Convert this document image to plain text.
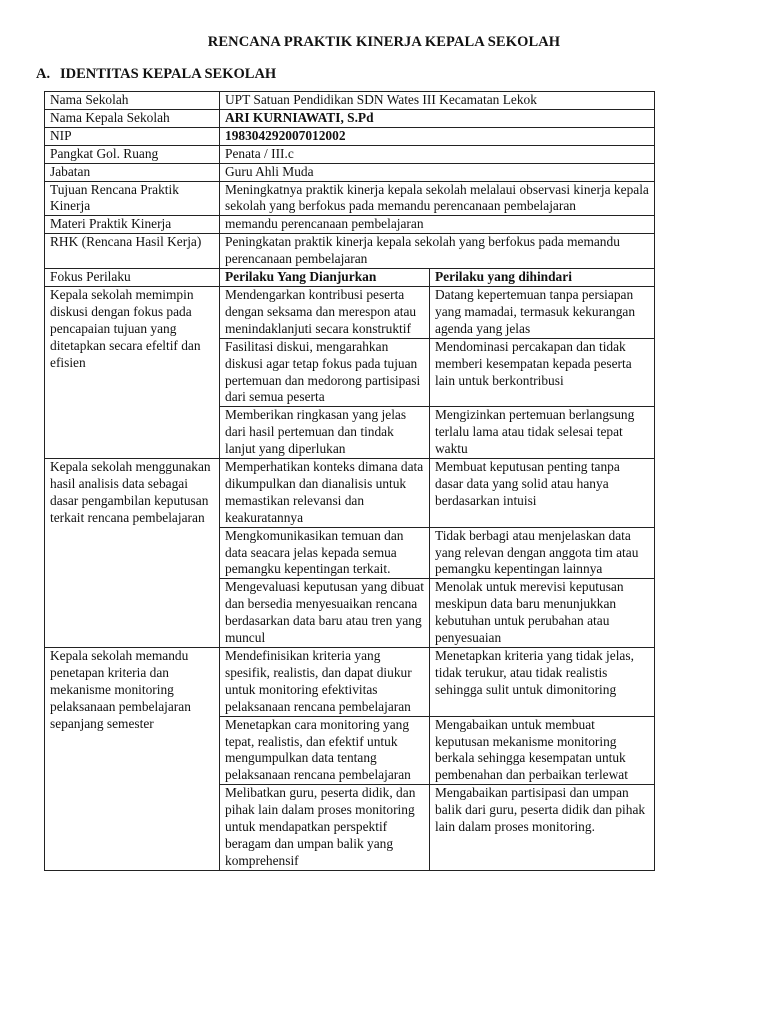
RENCANA PRAKTIK KINERJA KEPALA SEKOLAH
A. IDENTITAS KEPALA SEKOLAH
Nama Sekolah	UPT Satuan Pendidikan SDN Wates III Kecamatan Lekok	
Nama Kepala Sekolah	ARI KURNIAWATI, S.Pd	
NIP	198304292007012002	
Pangkat Gol. Ruang	Penata / III.c	
Jabatan	Guru Ahli Muda	
Tujuan Rencana Praktik Kinerja	Meningkatnya praktik kinerja kepala sekolah melalaui observasi kinerja kepala sekolah yang berfokus pada memandu perencanaan pembelajaran	
Materi Praktik Kinerja	memandu perencanaan pembelajaran	
RHK (Rencana Hasil Kerja)	Peningkatan praktik kinerja kepala sekolah yang berfokus pada memandu perencanaan pembelajaran	
Fokus Perilaku	Perilaku Yang Dianjurkan	Perilaku yang dihindari
Kepala sekolah memimpin diskusi dengan fokus pada pencapaian tujuan yang ditetapkan secara efeltif dan efisien	Mendengarkan kontribusi peserta dengan seksama dan merespon atau menindaklanjuti secara konstruktif	Datang kepertemuan tanpa persiapan yang mamadai, termasuk kekurangan agenda yang jelas
	Fasilitasi diskui, mengarahkan diskusi agar tetap fokus pada tujuan pertemuan dan medorong partisipasi dari semua peserta	Mendominasi percakapan dan tidak memberi kesempatan kepada peserta lain untuk berkontribusi
	Memberikan ringkasan yang jelas dari hasil pertemuan dan tindak lanjut yang diperlukan	Mengizinkan pertemuan berlangsung terlalu lama atau tidak selesai tepat waktu
Kepala sekolah menggunakan hasil analisis data sebagai dasar pengambilan keputusan terkait rencana pembelajaran	Memperhatikan konteks dimana data dikumpulkan dan dianalisis untuk memastikan relevansi dan keakuratannya	Membuat keputusan penting tanpa dasar data yang solid atau hanya berdasarkan intuisi
	Mengkomunikasikan temuan dan data seacara jelas kepada semua pemangku kepentingan terkait.	Tidak berbagi atau menjelaskan data yang relevan dengan anggota tim atau pemangku kepentingan lainnya
	Mengevaluasi keputusan yang dibuat dan bersedia menyesuaikan rencana berdasarkan data baru atau tren yang muncul	Menolak untuk merevisi keputusan meskipun data baru menunjukkan kebutuhan untuk perubahan atau penyesuaian
Kepala sekolah memandu penetapan kriteria dan mekanisme monitoring pelaksanaan pembelajaran sepanjang semester	Mendefinisikan kriteria yang spesifik, realistis, dan dapat diukur untuk monitoring efektivitas pelaksanaan rencana pembelajaran	Menetapkan kriteria yang tidak jelas, tidak terukur, atau tidak realistis sehingga sulit untuk dimonitoring
	Menetapkan cara monitoring yang tepat, realistis, dan efektif untuk mengumpulkan data tentang pelaksanaan rencana pembelajaran	Mengabaikan untuk membuat keputusan mekanisme monitoring berkala sehingga kesempatan untuk pembenahan dan perbaikan terlewat
	Melibatkan guru, peserta didik, dan pihak lain dalam proses monitoring untuk mendapatkan perspektif beragam dan umpan balik yang komprehensif	Mengabaikan partisipasi dan umpan balik dari guru, peserta didik dan pihak lain dalam proses monitoring.
